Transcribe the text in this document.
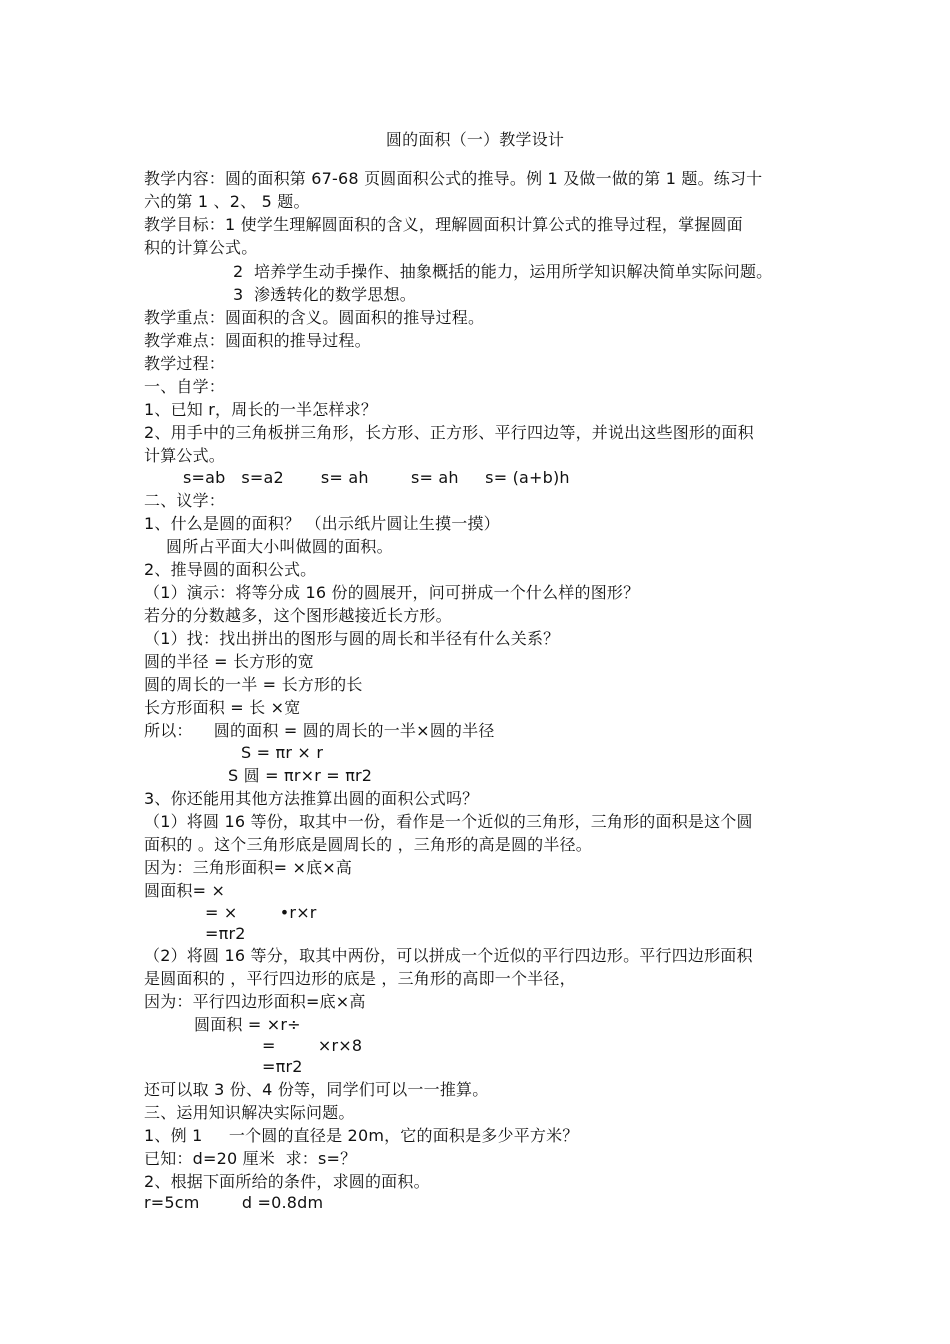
圆的面积（一）教学设计
教学内容：圆的面积第 67-68 页圆面积公式的推导。例 1 及做一做的第 1 题。练习十
六的第 1 、2、 5 题。
教学目标：1 使学生理解圆面积的含义，理解圆面积计算公式的推导过程，掌握圆面
积的计算公式。
2  培养学生动手操作、抽象概括的能力，运用所学知识解决简单实际问题。
3  渗透转化的数学思想。
教学重点：圆面积的含义。圆面积的推导过程。
教学难点：圆面积的推导过程。
教学过程：
一、自学：
1、已知 r，周长的一半怎样求？
2、用手中的三角板拼三角形，长方形、正方形、平行四边等，并说出这些图形的面积
计算公式。
s=ab   s=a2       s= ah        s= ah     s= (a+b)h
二、议学：
1、什么是圆的面积？ （出示纸片圆让生摸一摸）
圆所占平面大小叫做圆的面积。
2、推导圆的面积公式。
（1）演示：将等分成 16 份的圆展开，问可拼成一个什么样的图形？
若分的分数越多，这个图形越接近长方形。
（1）找：找出拼出的图形与圆的周长和半径有什么关系？
圆的半径 = 长方形的宽
圆的周长的一半 = 长方形的长
长方形面积 = 长 ×宽
所以：    圆的面积 = 圆的周长的一半×圆的半径
S = πr × r
S 圆 = πr×r = πr2
3、你还能用其他方法推算出圆的面积公式吗？
（1）将圆 16 等份，取其中一份，看作是一个近似的三角形，三角形的面积是这个圆
面积的 。这个三角形底是圆周长的 ，三角形的高是圆的半径。
因为：三角形面积= ×底×高
圆面积= ×
= ×        •r×r
=πr2
（2）将圆 16 等分，取其中两份，可以拼成一个近似的平行四边形。平行四边形面积
是圆面积的 ，平行四边形的底是 ，三角形的高即一个半径，
因为：平行四边形面积=底×高
圆面积 = ×r÷
=        ×r×8
=πr2
还可以取 3 份、4 份等，同学们可以一一推算。
三、运用知识解决实际问题。
1、例 1     一个圆的直径是 20m，它的面积是多少平方米？
已知：d=20 厘米  求：s=？
2、根据下面所给的条件，求圆的面积。
r=5cm        d =0.8dm
